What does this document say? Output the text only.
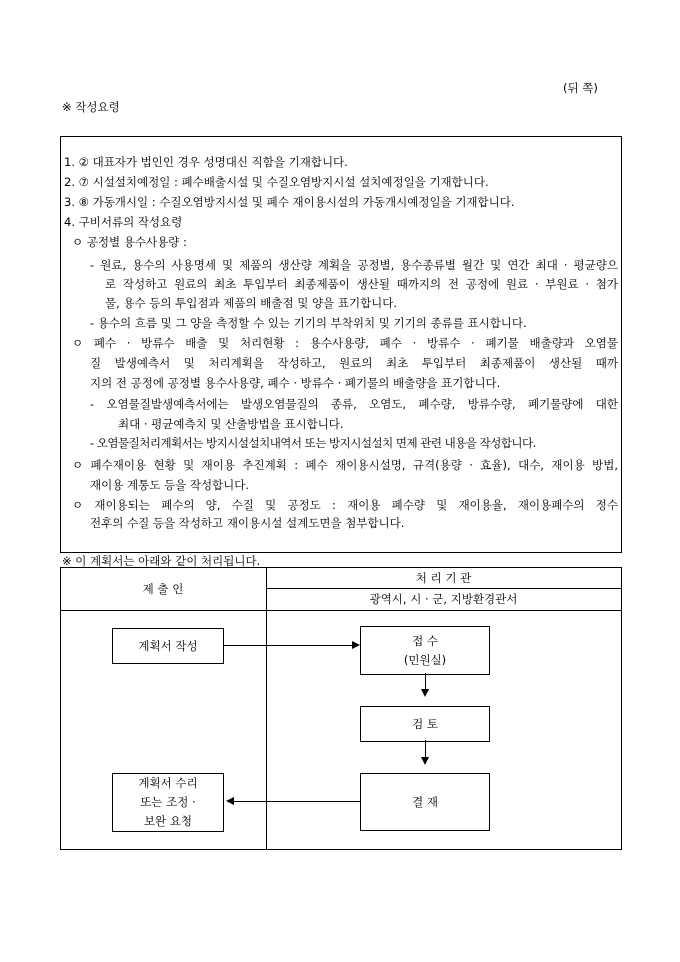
(뒤 쪽)
※ 작성요령
1. ② 대표자가 법인인 경우 성명대신 직함을 기재합니다.
2. ⑦ 시설설치예정일 : 폐수배출시설 및 수질오염방지시설 설치예정일을 기재합니다.
3. ⑧ 가동개시일 : 수질오염방지시설 및 폐수 재이용시설의 가동개시예정일을 기재합니다.
4. 구비서류의 작성요령
ㅇ 공정별 용수사용량 :
- 원료, 용수의 사용명세 및 제품의 생산량 계획을 공정별, 용수종류별 월간 및 연간 최대 · 평균량으
로 작성하고 원료의 최초 투입부터 최종제품이 생산될 때까지의 전 공정에 원료 · 부원료 · 첨가
물, 용수 등의 투입점과 제품의 배출점 및 양을 표기합니다.
- 용수의 흐름 및 그 양을 측정할 수 있는 기기의 부착위치 및 기기의 종류를 표시합니다.
ㅇ 폐수 · 방류수 배출 및 처리현황 : 용수사용량, 폐수 · 방류수 · 폐기물 배출량과 오염물
질 발생예측서 및 처리계획을 작성하고, 원료의 최초 투입부터 최종제품이 생산될 때까
지의 전 공정에 공정별 용수사용량, 폐수 · 방류수 · 폐기물의 배출량을 표기합니다.
- 오염물질발생예측서에는 발생오염물질의 종류, 오염도, 폐수량, 방류수량, 폐기물량에 대한
최대 · 평균예측치 및 산출방법을 표시합니다.
- 오염물질처리계획서는 방지시설설치내역서 또는 방지시설설치 면제 관련 내용을 작성합니다.
ㅇ 폐수재이용 현황 및 재이용 추진계획 : 폐수 재이용시설명, 규격(용량 · 효율), 대수, 재이용 방법,
재이용 계통도 등을 작성합니다.
ㅇ 재이용되는 폐수의 양, 수질 및 공정도 : 재이용 폐수량 및 재이용율, 재이용폐수의 정수
전후의 수질 등을 작성하고 재이용시설 설계도면을 첨부합니다.
※ 이 계획서는 아래와 같이 처리됩니다.
제 출 인
처 리 기 관
광역시, 시 · 군, 지방환경관서
계획서 작성	접 수
(민원실)
검 토
결 재
계획서 수리
또는 조정 ·
보완 요청
